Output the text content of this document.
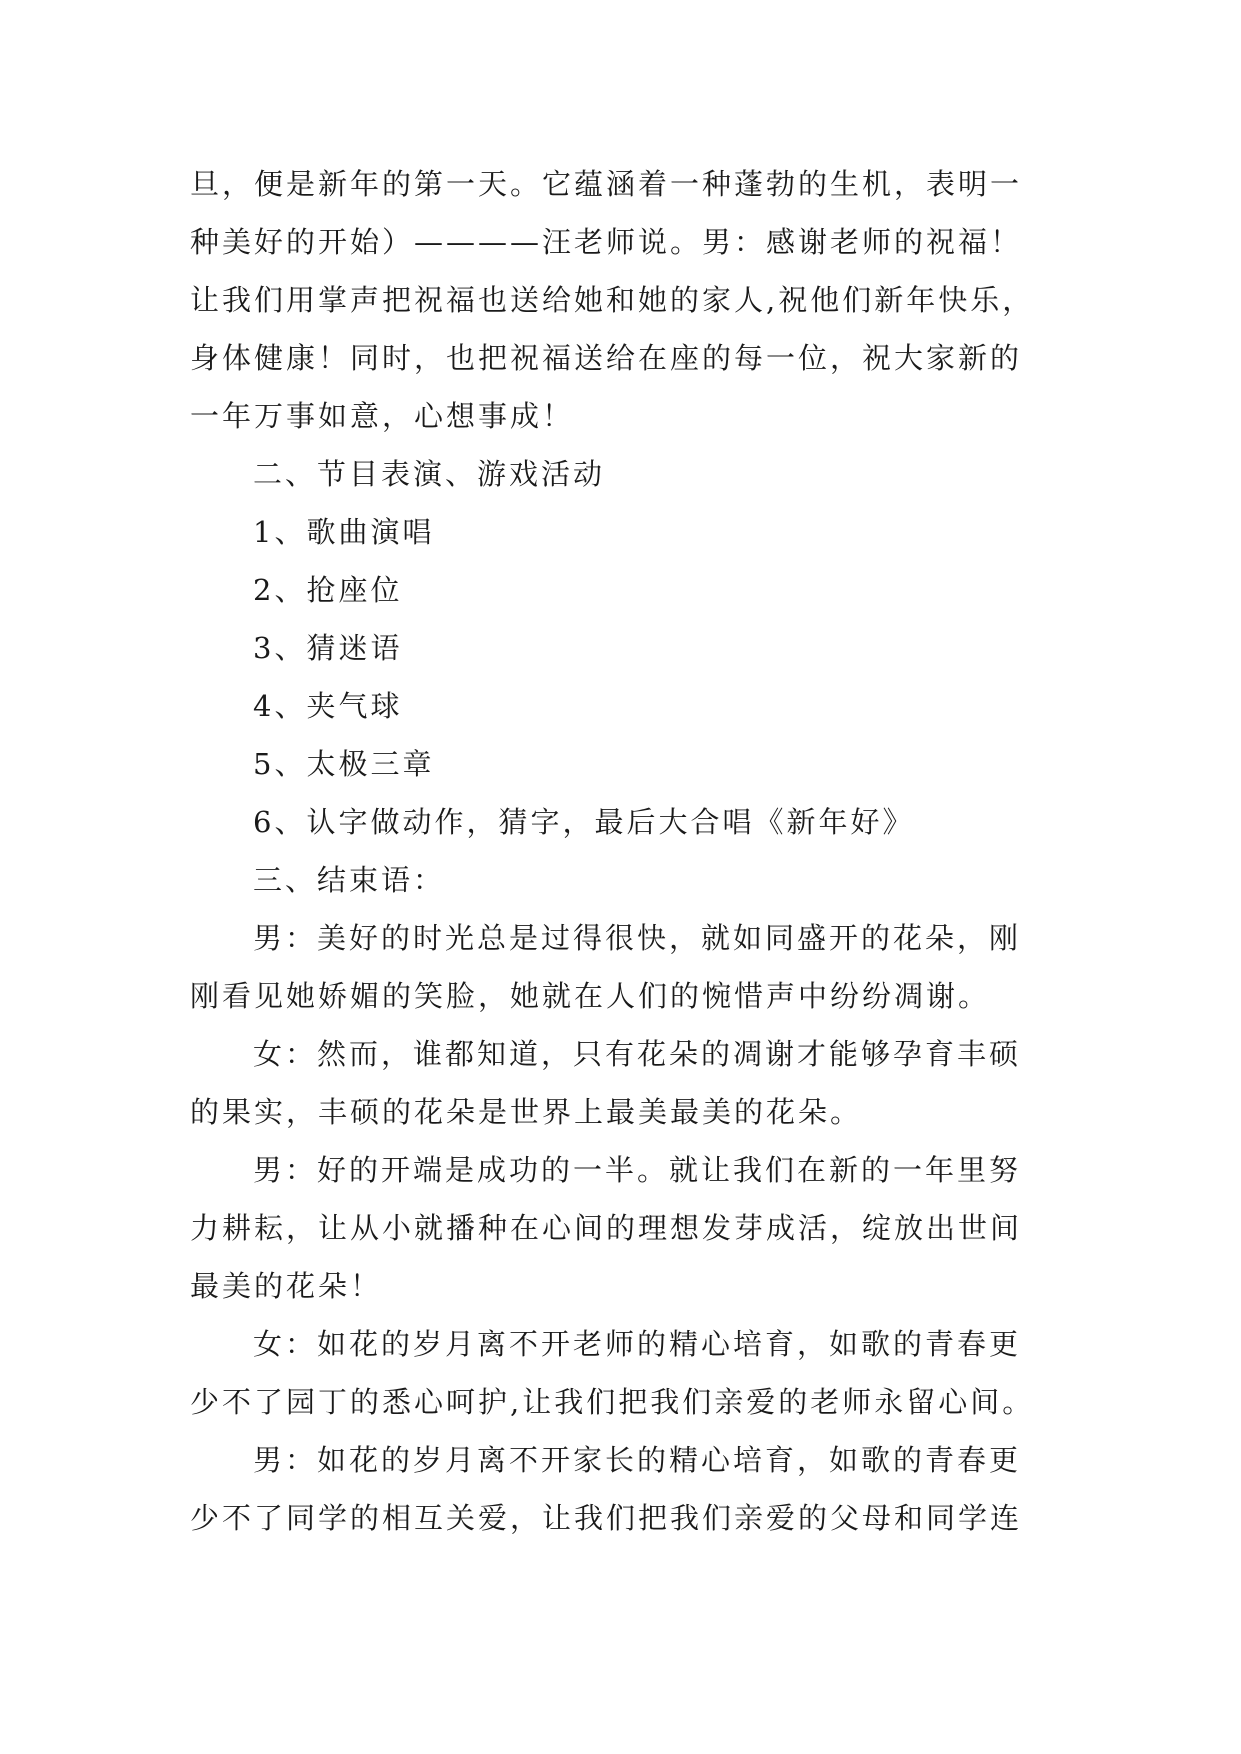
旦，便是新年的第一天。它蕴涵着一种蓬勃的生机，表明一
种美好的开始）————汪老师说。男：感谢老师的祝福！
让我们用掌声把祝福也送给她和她的家人,祝他们新年快乐，
身体健康！同时，也把祝福送给在座的每一位，祝大家新的
一年万事如意，心想事成！
二、节目表演、游戏活动
1、歌曲演唱
2、抢座位
3、猜迷语
4、夹气球
5、太极三章
6、认字做动作，猜字，最后大合唱《新年好》
三、结束语：
男：美好的时光总是过得很快，就如同盛开的花朵，刚
刚看见她娇媚的笑脸，她就在人们的惋惜声中纷纷凋谢。
女：然而，谁都知道，只有花朵的凋谢才能够孕育丰硕
的果实，丰硕的花朵是世界上最美最美的花朵。
男：好的开端是成功的一半。就让我们在新的一年里努
力耕耘，让从小就播种在心间的理想发芽成活，绽放出世间
最美的花朵！
女：如花的岁月离不开老师的精心培育，如歌的青春更
少不了园丁的悉心呵护,让我们把我们亲爱的老师永留心间。
男：如花的岁月离不开家长的精心培育，如歌的青春更
少不了同学的相互关爱，让我们把我们亲爱的父母和同学连
